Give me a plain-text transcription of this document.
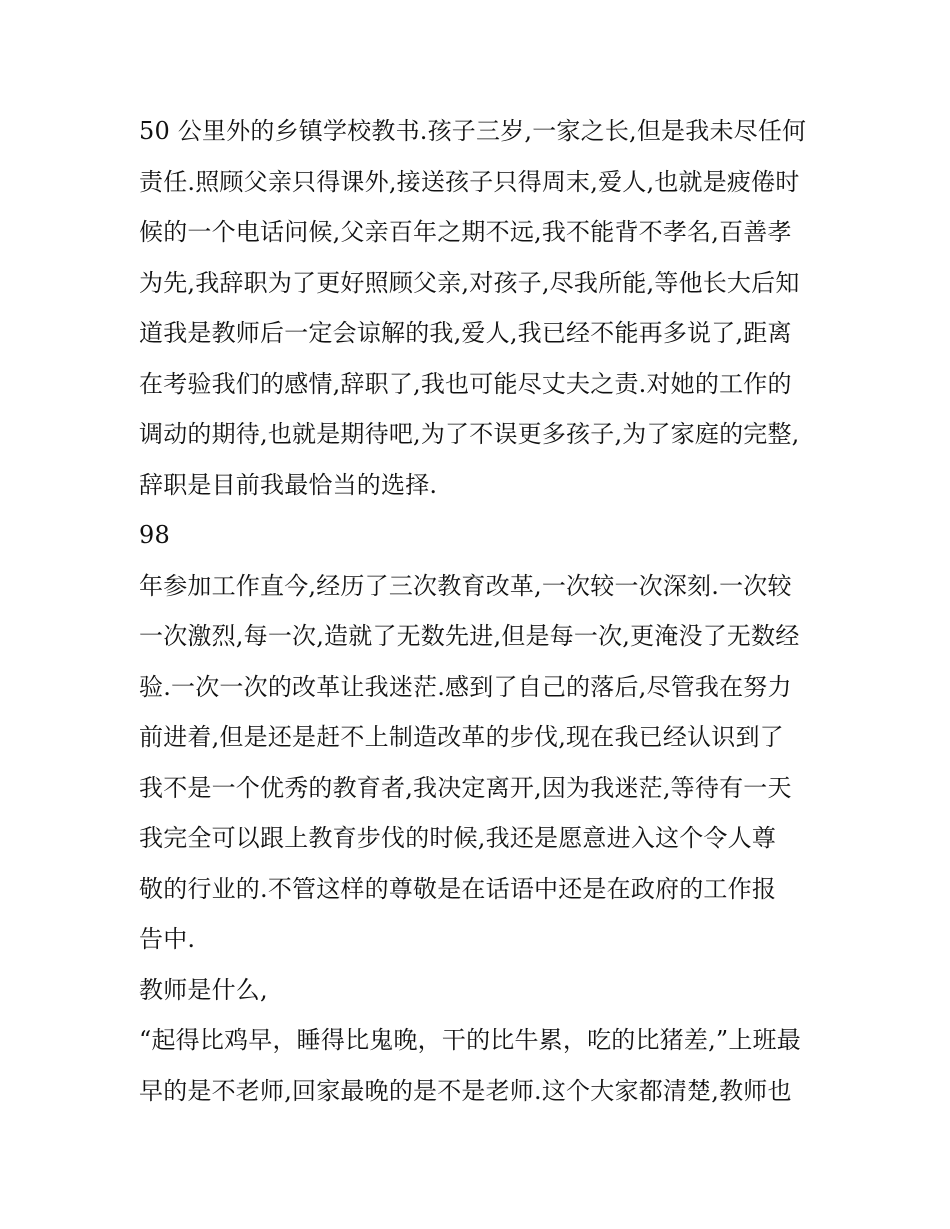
50 公里外的乡镇学校教书.孩子三岁,一家之长,但是我未尽任何
责任.照顾父亲只得课外,接送孩子只得周末,爱人,也就是疲倦时
候的一个电话问候,父亲百年之期不远,我不能背不孝名,百善孝
为先,我辞职为了更好照顾父亲,对孩子,尽我所能,等他长大后知
道我是教师后一定会谅解的我,爱人,我已经不能再多说了,距离
在考验我们的感情,辞职了,我也可能尽丈夫之责.对她的工作的
调动的期待,也就是期待吧,为了不误更多孩子,为了家庭的完整,
辞职是目前我最恰当的选择.
98
年参加工作直今,经历了三次教育改革,一次较一次深刻.一次较
一次激烈,每一次,造就了无数先进,但是每一次,更淹没了无数经
验.一次一次的改革让我迷茫.感到了自己的落后,尽管我在努力
前进着,但是还是赶不上制造改革的步伐,现在我已经认识到了
我不是一个优秀的教育者,我决定离开,因为我迷茫,等待有一天
我完全可以跟上教育步伐的时候,我还是愿意进入这个令人尊
敬的行业的.不管这样的尊敬是在话语中还是在政府的工作报
告中.
教师是什么,
“起得比鸡早，睡得比鬼晚，干的比牛累，吃的比猪差,”上班最
早的是不老师,回家最晚的是不是老师.这个大家都清楚,教师也
